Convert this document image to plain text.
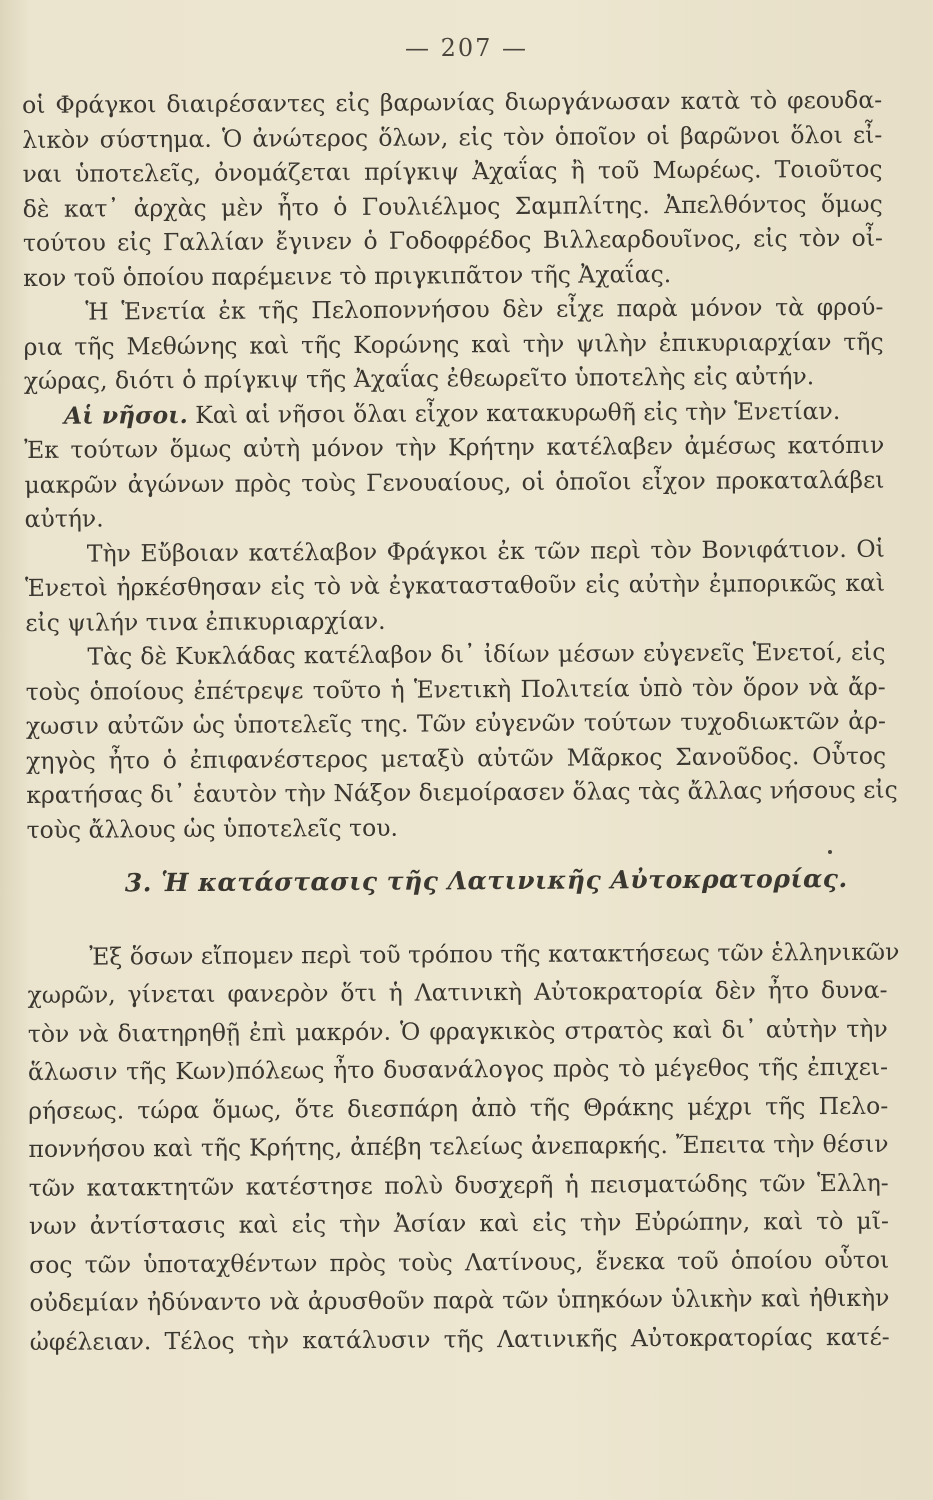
— 207 —
οἱ Φράγκοι διαιρέσαντες εἰς βαρωνίας διωργάνωσαν κατὰ τὸ φεουδα-
λικὸν σύστημα. Ὁ ἀνώτερος ὅλων, εἰς τὸν ὁποῖον οἱ βαρῶνοι ὅλοι εἶ-
ναι ὑποτελεῖς, ὀνομάζεται πρίγκιψ Ἀχαΐας ἢ τοῦ Μωρέως. Τοιοῦτος
δὲ κατ᾽ ἀρχὰς μὲν ἦτο ὁ Γουλιέλμος Σαμπλίτης. Ἀπελθόντος ὅμως
τούτου εἰς Γαλλίαν ἔγινεν ὁ Γοδοφρέδος Βιλλεαρδουῖνος, εἰς τὸν οἶ-
κον τοῦ ὁποίου παρέμεινε τὸ πριγκιπᾶτον τῆς Ἀχαΐας.
Ἡ Ἑνετία ἐκ τῆς Πελοποννήσου δὲν εἶχε παρὰ μόνον τὰ φρού-
ρια τῆς Μεθώνης καὶ τῆς Κορώνης καὶ τὴν ψιλὴν ἐπικυριαρχίαν τῆς
χώρας, διότι ὁ πρίγκιψ τῆς Ἀχαΐας ἐθεωρεῖτο ὑποτελὴς εἰς αὐτήν.
Αἱ νῆσοι. Καὶ αἱ νῆσοι ὅλαι εἶχον κατακυρωθῆ εἰς τὴν Ἑνετίαν.
Ἐκ τούτων ὅμως αὐτὴ μόνον τὴν Κρήτην κατέλαβεν ἀμέσως κατόπιν
μακρῶν ἀγώνων πρὸς τοὺς Γενουαίους, οἱ ὁποῖοι εἶχον προκαταλάβει
αὐτήν.
Τὴν Εὔβοιαν κατέλαβον Φράγκοι ἐκ τῶν περὶ τὸν Βονιφάτιον. Οἱ
Ἑνετοὶ ἠρκέσθησαν εἰς τὸ νὰ ἐγκατασταθοῦν εἰς αὐτὴν ἐμπορικῶς καὶ
εἰς ψιλήν τινα ἐπικυριαρχίαν.
Τὰς δὲ Κυκλάδας κατέλαβον δι᾽ ἰδίων μέσων εὐγενεῖς Ἑνετοί, εἰς
τοὺς ὁποίους ἐπέτρεψε τοῦτο ἡ Ἑνετικὴ Πολιτεία ὑπὸ τὸν ὅρον νὰ ἄρ-
χωσιν αὐτῶν ὡς ὑποτελεῖς της. Τῶν εὐγενῶν τούτων τυχοδιωκτῶν ἀρ-
χηγὸς ἦτο ὁ ἐπιφανέστερος μεταξὺ αὐτῶν Μᾶρκος Σανοῦδος. Οὗτος
κρατήσας δι᾽ ἑαυτὸν τὴν Νάξον διεμοίρασεν ὅλας τὰς ἄλλας νήσους εἰς
τοὺς ἄλλους ὡς ὑποτελεῖς του.
3. Ἡ κατάστασις τῆς Λατινικῆς Αὐτοκρατορίας.
Ἐξ ὅσων εἴπομεν περὶ τοῦ τρόπου τῆς κατακτήσεως τῶν ἑλληνικῶν
χωρῶν, γίνεται φανερὸν ὅτι ἡ Λατινικὴ Αὐτοκρατορία δὲν ἦτο δυνα-
τὸν νὰ διατηρηθῇ ἐπὶ μακρόν. Ὁ φραγκικὸς στρατὸς καὶ δι᾽ αὐτὴν τὴν
ἅλωσιν τῆς Κων)πόλεως ἦτο δυσανάλογος πρὸς τὸ μέγεθος τῆς ἐπιχει-
ρήσεως. τώρα ὅμως, ὅτε διεσπάρη ἀπὸ τῆς Θράκης μέχρι τῆς Πελο-
ποννήσου καὶ τῆς Κρήτης, ἀπέβη τελείως ἀνεπαρκής. Ἔπειτα τὴν θέσιν
τῶν κατακτητῶν κατέστησε πολὺ δυσχερῆ ἡ πεισματώδης τῶν Ἑλλη-
νων ἀντίστασις καὶ εἰς τὴν Ἀσίαν καὶ εἰς τὴν Εὐρώπην, καὶ τὸ μῖ-
σος τῶν ὑποταχθέντων πρὸς τοὺς Λατίνους, ἕνεκα τοῦ ὁποίου οὗτοι
οὐδεμίαν ἠδύναντο νὰ ἀρυσθοῦν παρὰ τῶν ὑπηκόων ὑλικὴν καὶ ἠθικὴν
ὠφέλειαν. Τέλος τὴν κατάλυσιν τῆς Λατινικῆς Αὐτοκρατορίας κατέ-
